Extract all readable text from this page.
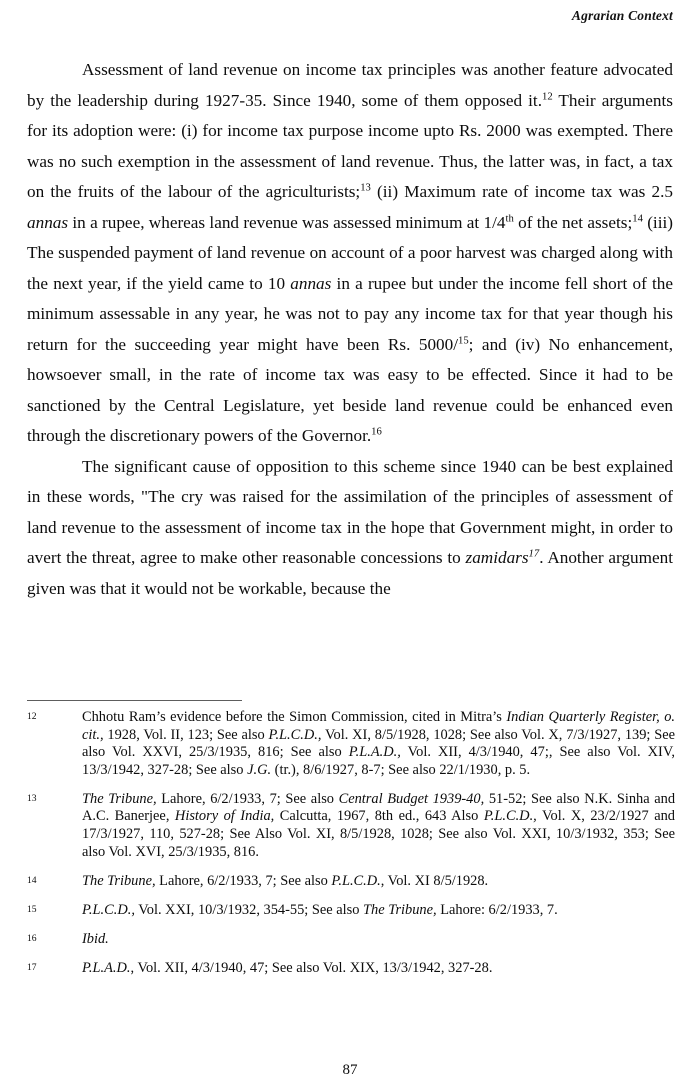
Agrarian Context

Assessment of land revenue on income tax principles was another feature advocated by the leadership during 1927-35. Since 1940, some of them opposed it.$^{12}$ Their arguments for its adoption were: (i) for income tax purpose income upto Rs. 2000 was exempted. There was no such exemption in the assessment of land revenue. Thus, the latter was, in fact, a tax on the fruits of the labour of the agriculturists;$^{13}$ (ii) Maximum rate of income tax was 2.5 annas in a rupee, whereas land revenue was assessed minimum at 1/4th of the net assets;$^{14}$ (iii) The suspended payment of land revenue on account of a poor harvest was charged along with the next year, if the yield came to 10 annas in a rupee but under the income fell short of the minimum assessable in any year, he was not to pay any income tax for that year though his return for the succeeding year might have been Rs. 5000/$^{15}$; and (iv) No enhancement, howsoever small, in the rate of income tax was easy to be effected. Since it had to be sanctioned by the Central Legislature, yet beside land revenue could be enhanced even through the discretionary powers of the Governor.$^{16}$

The significant cause of opposition to this scheme since 1940 can be best explained in these words, "The cry was raised for the assimilation of the principles of assessment of land revenue to the assessment of income tax in the hope that Government might, in order to avert the threat, agree to make other reasonable concessions to zamidars$^{17}$. Another argument given was that it would not be workable, because the

12	Chhotu Ram’s evidence before the Simon Commission, cited in Mitra’s Indian Quarterly Register, o. cit., 1928, Vol. II, 123; See also P.L.C.D., Vol. XI, 8/5/1928, 1028; See also Vol. X, 7/3/1927, 139; See also Vol. XXVI, 25/3/1935, 816; See also P.L.A.D., Vol. XII, 4/3/1940, 47;, See also Vol. XIV, 13/3/1942, 327-28; See also J.G. (tr.), 8/6/1927, 8-7; See also 22/1/1930, p. 5.
13	The Tribune, Lahore, 6/2/1933, 7; See also Central Budget 1939-40, 51-52; See also N.K. Sinha and A.C. Banerjee, History of India, Calcutta, 1967, 8th ed., 643 Also P.L.C.D., Vol. X, 23/2/1927 and 17/3/1927, 110, 527-28; See Also Vol. XI, 8/5/1928, 1028; See also Vol. XXI, 10/3/1932, 353; See also Vol. XVI, 25/3/1935, 816.
14	The Tribune, Lahore, 6/2/1933, 7; See also P.L.C.D., Vol. XI 8/5/1928.
15	P.L.C.D., Vol. XXI, 10/3/1932, 354-55; See also The Tribune, Lahore: 6/2/1933, 7.
16	Ibid.
17	P.L.A.D., Vol. XII, 4/3/1940, 47; See also Vol. XIX, 13/3/1942, 327-28.
87
